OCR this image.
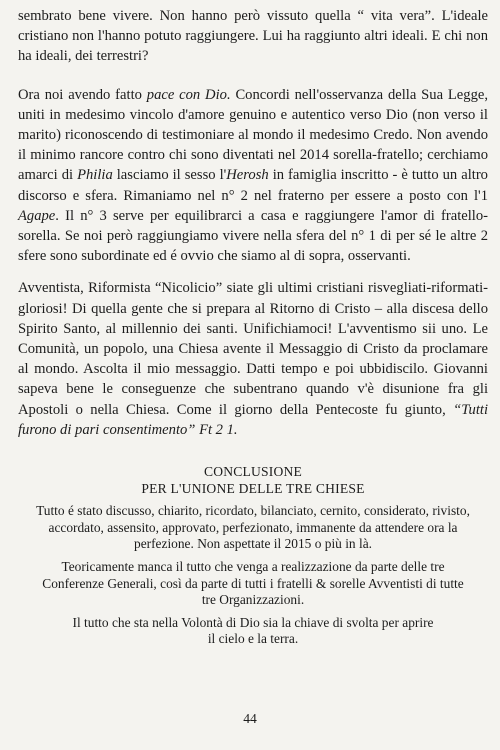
sembrato bene vivere. Non hanno però vissuto quella “ vita vera”. L'ideale cristiano non l'hanno potuto raggiungere. Lui ha raggiunto altri ideali. E chi non ha ideali, dei terrestri?

Ora noi avendo fatto pace con Dio. Concordi nell'osservanza della Sua Legge, uniti in medesimo vincolo d'amore genuino e autentico verso Dio (non verso il marito) riconoscendo di testimoniare al mondo il medesimo Credo. Non avendo il minimo rancore contro chi sono diventati nel 2014 sorella-fratello; cerchiamo amarci di Philia lasciamo il sesso l'Herosh in famiglia inscritto - è tutto un altro discorso e sfera. Rimaniamo nel n° 2 nel fraterno per essere a posto con l'1 Agape. Il n° 3 serve per equilibrarci a casa e raggiungere l'amor di fratello-sorella. Se noi però raggiungiamo vivere nella sfera del n° 1 di per sé le altre 2 sfere sono subordinate ed é ovvio che siamo al di sopra, osservanti.

Avventista, Riformista “Nicolicio” siate gli ultimi cristiani risvegliati-riformati-gloriosi! Di quella gente che si prepara al Ritorno di Cristo – alla discesa dello Spirito Santo, al millennio dei santi. Unifichiamoci! L'avventismo sii uno. Le Comunità, un popolo, una Chiesa avente il Messaggio di Cristo da proclamare al mondo. Ascolta il mio messaggio. Datti tempo e poi ubbidiscilo. Giovanni sapeva bene le conseguenze che subentrano quando v'è disunione fra gli Apostoli o nella Chiesa. Come il giorno della Pentecoste fu giunto, “Tutti furono di pari consentimento” Ft 2 1.

CONCLUSIONE
PER L'UNIONE DELLE TRE CHIESE
Tutto é stato discusso, chiarito, ricordato, bilanciato, cernito, considerato, rivisto,
accordato, assensito, approvato, perfezionato, immanente da attendere ora la
perfezione. Non aspettate il 2015 o più in là.
Teoricamente manca il tutto che venga a realizzazione da parte delle tre
Conferenze Generali, così da parte di tutti i fratelli & sorelle Avventisti di tutte
tre Organizzazioni.
Il tutto che sta nella Volontà di Dio sia la chiave di svolta per aprire
il cielo e la terra.
44
